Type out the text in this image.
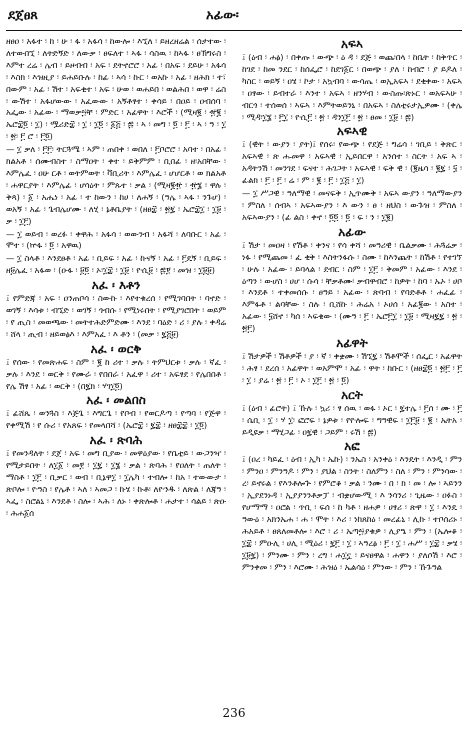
ደጀፀጸ	አፊው፡
ዘፀዐ ፡ አፋተ ፡ ከ ፡ ሁ ፡ ፋ ፡ አፋሳ ፡ ከውሎ ፡ እኚለ ፡ ይዘረዘሬል ፡ ሰታተው ፡ ለተውበኚ ፡ ለትድኝድ ፡ ለውቃ ፡ ፀፍለተ ፡ ኣፋ ፡ ሳስዉ ፡ ከኣፋ ፡ ፀኽግሩስ ፡ እምተ ረሬ ፡ ሌብ ፡ ይዞብብ ፡ አፍ ፡ ደትኖሮሮ ፡ አፊ ፡ በአፍ ፡ ደይሁ ፡ አፋሳ ፡ እስክ ፡ እዝዚያ ፡ ይሐይቡሉ ፡ ከፊ ፡ ኣሳ ፡ ኩር ፡ ወአኩ ፡ አፊ ፡ ዘሕክ ፡ ተ፣ በውም ፡ አፊ ፡ ሽተ ፡ አፍቂተ ፡ አፍ ፡ ሁወ ፡ ወሐይበ ፡ ወልሕበ ፡ ወዋ ፡ ሬስ ፡ ውሽተ ፡ አፋሆውው ፡ አፈውው ፡ አኝቶፃተ ፡ ቀሳይ ፡ በዐይ ፡ ዐብሰባ ፡ አፌው ፡ አፊው ፡ ማወቃ፵ቸ ፡ ምድር ፡ አፊዋት ፡ እሮች ፡ (ሚዛ፪ ፡ ፹፪ ፡ ኤሮ፰፬ ፡ ፲) ፡ ሟሪድ፰ ፡ ፲ ፡ ፲፬ ፡ ፩፭ ፡ ፷ ፡ ኣ ፡ መግ ፡ ፬ ፡ ፫ ፡ ኣ ፡ ዓ ፡ ፲ ፡ ፳፡ ፫ ሮ ፡ ፫፬)
— ፲ ቃለ ፡ ፫፫፡ ትርጓሜ ፡ ኣም ፡ ጠበቀ ፡ ወበለ ፡ ፫ቦሮሮ ፡ አባተ ፡ በአፊ ፡ ክልአቶ ፡ ሰሙብስተ ፡ ስማዐት ፡ ቀተ ፡ ይቅምም ፡ ቢበፊ ፡ ዘ፡አበቸው ፡ እምሌፈ ፡ ዐሁ ርቶ ፡ ወትምወት ፡ ቫቢሪት ፡ እምሌፈ ፡ ሆሆርቶ ፡ ወ ክልአቶ ፡ ሐዋርያት ፡ እምሌፊ ፡ ሆሳዕት ፡ ምጱተ ፡ ቃል ፡ (ሚዛ፪፹ ፡ ፹፮ ፡ ዋሉ ፡ ቅጳ) ፡ ፩ ፡ አሔነ ፡ አፊ ፡ ተ ከውን ፡ ከሀ ፡ ለሐኝ ፡ (ዓሌ ፡ ኣፋ ፡ ንጉሆ) ፡ ወአኝ ፡ አፊ ፡ ጌብሌሆሙ ፡ ለሂ ፡ ኔቶቤያት ፡ (ዘፀ፰ ፡ ፳፯ ፡ ኤሮ፰፲ ፡ ፲፱ ፡ ቃ ፡ ፲፫)
— ፲ ወይብ ፡ ወረፉ ፡ ቀዋሕ ፡ አፋሳ ፡ ወውንብ ፡ አፋሻ ፡ ለባቡር ፡ አፊ ፡ ሞተ ፡ (ኵፋ ፡ ፬ ፡ አዋዉ)
— ፲ ስላቶ ፡ እንደፀቶ ፡ አፊ ፡ ቢይፍ ፡ አፊ ፡ ኩናኝ ፡ አፊ ፡ ፫ዴኝ ፡ ቢይፍ ፡ ዘ፱ሌፈ ፡ አፋወ ፡ (ዑፋ ፡ ፱፬ ፡ ኦ፡፲፰ ፡ ፲፱ ፡ ዮሲ፱ ፡ ፷፻ ፡ መዝ ፡ ፲፱፱)
አፈ ፡ እቶን
፤ የምድጃ ፡ አፍ ፡ ዐንጠቦሳ ፡ ስውኩ ፡ እየተቁረሰ ፡ የሚገባበት ፡ ባኖድ ፡ ወገኝ ፡ እሳቱ ፡ ብኚድ ፡ ወገኝ ፡ ጎብሱ ፡ የሚነሩበት ፡ የሚያገሮበት ፡ ወይም ፡ የ ጢስ ፡ መወጫው ፡ መትተሕድምድሙ ፡ እንደ ፡ ባዕድ ፡ ሪ ፡ ያሉ ፡ ቀዳሬ ፡ ሸላ ፡ ጢብ ፡ ዘይወፅእ ፡ እምአፈ ፡ እ ቶን ፡ (መቃ ፡ ፯፭፱)
አፈ ፡ ወርቅ
፤ የሰው ፡ የመጽሐፍ ፡ ስም ፡ ፪ ከ ሪተ ፡ ቃሉ ፡ ትምህርቱ ፡ ቃሉ ፡ ኛፈ ፡ ቃሉ ፡ እንደ ፡ ወርቅ ፡ የሙራ ፡ የበበራ ፡ አፈዋ ፡ ሪተ ፡ አፍፃደ ፡ የሌበበቶ ፡ የሌ ሽፃ ፡ አፊ ፡ ወርቅ ፡ (በ፯ክ ፡ ሃገ፲፬)
አፈ ፡ መልበስ
፤ ፊሸጼ ፡ ወንጓስ ፡ እጅጌ ፡ እግርጌ ፡ የቦብ ፡ የወርዶጣ ፡ የጣባ ፡ የጅዋ ፡ የቀሚሽ ፡ የ ሱሪ ፡ የአጸፍ ፡ የመላበሻ ፡ (ኤሮ፰ ፡ ፯፰ ፡ ዘፀ፰፰ ፡ ፲፬)
አፈ ፡ ጽባሕ
፤ የመንዳለት ፡ ደጀ ፡ አፍ ፡ መግ ቢያው ፡ መዋዕያው ፡ የቤቲይ ፡ ውጋንዣ ፡ የሚታይበት ፡ ለ፲፩ ፡ መ፻ ፡ ፲፯ ፡ ፲፮ ፡ ቃል ፡ ጽባሕ ፡ የዐለት ፡ ጠለት ፡ ማስቶ ፡ ፲፫ ፡ ቢቃር ፡ ወብ ፡ ቢኔዋ፲ ፡ ፲ሌካ ፡ ተብሎ ፡ ከአ ፡ ተውውታ ፡ ጽቦሎ ፡ ዮዓስ ፡ የሌቶ ፡ ኣለ ፡ ኣመጋ ፡ ኩሄ ፡ ኩቶ፡ ለዮንዱ ፡ ለጽል ፡ ለጃዓ ፡ ኣፌ ፡ ስሮልኒ ፡ እንደቶ ፡ ስሎ ፡ ኣሕ ፡ ለኑ ፡ ቀጽሎቶ ፡ ሐታተ ፡ ሳልይ ፡ ጽዑ ፡ ሕሐ፩ሰ
አፍኣ
፤ (ዕብ ፡ ሐፅ) ፡ በቀጡ ፡ ውጭ ፡ ዕ ዳ ፡ ደጅ ፡ ወጨ፡በላ ፡ ከቤት ፡ ከቅጥር ፡ ከገደ ፡ ከመ ንደር ፡ ከሰፌሮ ፡ ከደገ፩ር ፡ በወጭ ፡ ያለ ፡ ከብሮ ፡ ያ ይዶለ ፡ ካስር ፡ ወይኝ ፡ ዐሄ ፡ ኮታ ፡ አኳብባ ፡ ውሳጤ ፡ ወኢአፍኣ ፡ ደቂቀው ፡ አፍኣ ፡ ዐፃው ፡ ይብተራ ፡ እንተ ፡ አፍኣ ፡ ዘንሃብ ፡ ውስጡ፡ጽኑር ፡ ወአፍኣሁ ፡ ብርጎ ፡ ተሰወሰ ፡ ኣፍኣ ፡ እምትወይንኒ ፡ በአፍኣ ፡ ስለቲሩታኢዎሙ ፡ (ቀሌ ፡ ሚዳ፡፲፮ ፡ ፫፲ ፡ ዮሲ፫ ፡ ፳ ፡ ዳን፲፫ ፡ ፳ ፡ ፀመ ፡ ፲፱ ፡ ፷)
አፍኣዊ
፤ (ዊት ፡ ውያን ፡ ያት)፤ የሰሩ፡ የውጭ ፡ የደጅ ፡ ግሬሳ ፡ ገቢይ ፡ ቅጽር ፡ አፍኣዊ ፡ ጽ ሑመዋ ፡ አፍኣዊ ፡ ኢይበርዋ ፡ አንሰተ ፡ ስርት ፡ አፍ ኣ ፡ አዳትንሽ ፡ መንገደ ፡ ፍናተ ፡ ሕገጋት ፡ አፍኣዊ ፡ ፍቅ ዊ ፡ (፪ዜሳ ፡ ፪፯ ፡ ፶ ፡ ፊልክ ፡ ፫ ፡ ፫ ፡ ሬ ፡ ም ፡ ፪ ፡ ፫ ፡ ፲፭ ፡ ፲)
— ፲ ሥጋዊ ፡ ዓለማዊ ፡ መናፍቅ ፡ ኢጥሙቅ ፡ አፍኣ ውያን ፡ ዓለማውያን ፡ ምስለ ፡ ሰብኣ ፡ አፍኣውያን ፡ እ ውን ፡ ፀ ፡ ዘህስ ፡ ውጉዝ ፡ ምስለ ፡ አፍኣውያን ፡ (ፊ ልስ ፡ ቀኖ ፡ ፬፬ ፡ ፬ ፡ ፍ ፡ ን ፡ ፲፪)
አፊው
፤ ሽታ ፡ መዐዛ ፡ የሽቶ ፡ ቀንና ፡ የሳ ቀሻ ፡ መዓሪዊ ፡ ቤልቃሙ ፡ ሕጓሬቃ ፡ ነፋ ፡ የሚጨመ ፡ ፈ ቂቅ ፡ እስትንፋሱ ፡ ስሙ ፡ ከእንጨት ፡ ከሽቶ ፡ የተገኘ ፡ ሁሉ ፡ አፊው ፡ ይባላል ፡ ደብር ፡ ስም ፡ ፲፫ ፡ ቅመም ፡ አፊው ፡ እንደ ፡ ዕጣን ፡ ውሆስ ፡ ሀሆ ፡ ሱሳ ፡ ቸቃቶሙ፡ ቃብዋብሮ ፡ ከዎት ፡ ከባ ፡ ኡኦ ፡ ሀቦ ፡ እንደቶ ፡ ተቀመሰሱ ፡ ፀዓይ ፡ አፊው ፡ ጽባብ ፡ የባድቶቶ ፡ ሐፈፊ ፡ እምፋቶ ፡ ልባቸው ፡ ስሉ ፡ ቢሸኩ ፡ ሕሬአ ፡ ኦሀሰ ፡ አፊ፪ው ፡ አስተ ፡ አፊው ፡ ፶ሸኖ ፡ ካሰ ፡ ኣፍቄው ፡ (ሙዓ ፡ ፫ ፡ ኤሮ፫፲ ፡ ፲፱ ፡ ሚዛ፯፯ ፡ ፳ ፡ ፳፫)
አፊዋት
፤ ሽታዎች ፡ ሽቶዎች ፡ ያ ፡ ኛ ፡ ቀቋሙ ፡ ሽኚ፯ ፡ ሽቶሞች ፡ ሰፌር ፡ አፊዋት ፡ ሕፃ ፡ ደረሰ ፡ አፊዋት ፡ ወአምሞ ፡ አፊ ፡ ዋት ፡ ከቡር ፡ (ዘፀ፰፬ ፡ ፳፫ ፡ ፫ ፡ ፲ ፡ ያሬ ፡ ፳ ፡ ፫ ፡ ኦ ፡ ፲፫ ፡ ፳ ፡ ፬)
አርት
፤ (ዕብ ፡ ፊሮት) ፤ ኹሉ ፡ ኳሪ ፡ ፃ ሰዉ ፡ ወፋ ፡ ኦር ፡ ፯ተሌ ፡ ፫ሰ ፡ ሙ ፡ ፫ ፡ ሴቢ ፡ ፲ ፡ ሃ ፲፡ ፎሮፍ ፡ ኔዎቱ ፡ የዮሎፍ ፡ ግዓዊፍ ፡ ፲፫፱ ፡ ፪ ፡ ኤትአ ፡ ይዲዩቃ ፡ ማሂጋፊ ፡ ዐ፯ዊ ፡ ጋይም ፡ ሩሽ ፡ ፷)
አፎ
፤ (ዐረ ፡ ካይፈ ፡ ዕብ ፡ ኢካ ፡ ኤኩ) ፡ ንኤስ ፡ አንቀዕ ፡ እንዴት ፡ እንዲ ፡ ምን ፡ ምንዐ ፡ ምንዓዶ ፡ ምን ፡ ያህል ፡ ስንት ፡ ስለምን ፡ ስለ ፡ ምን ፡ ምንሳው ፡ ረ፡ ይኖሩል ፡ የእንቶሎጕ ፡ የምሮቆ ፡ ቃል ፡ ንሙ ፡ በ ፡ ክ ፡ መ ፡ ሎ ፡ ኣይንን ፡ ኢያደንኑዳ ፡ ኢያያንንቶቃፓ ፡ ብቋሆውሚ ፡ እ ንሳንሪ ፡ ጊዜው ፡ ዐፉስ ፡ የሆማማ ፡ ዐሮል ፡ ጥቢ ፡ ፍሰ ፡ ከ ካቶ ፡ ዘሐዎ ፡ ሀፃሪ ፡ ጽዋ ፡ ፲ ፡ እንዴ ፡ ዓውዕ ፡ አክንኤሐ ፡ ሐ ፡ ሞት ፡ እሪ ፡ ነከጸከዕ ፡ መረፊኒ ፡ ሊኩ ፡ ተቦሰሪኑ ፡ ሕአይቶ ፡ ፀጸለመቶሎ ፡ እሮ ፡ ሪ ፡ ኤጣ፵ያቁዎ ፡ ሊያዔ ፡ ምን ፡ (ኤሎቆ ፡ ፲፰ ፡ ምዑሊ ፡ ሀሊ ፡ ሚዕሪ ፡ ፯፫ ፡ ፲ ፡ ኣዓረፅ ፡ ፫ ፡ ፲ ፡ ሐሥ ፡ ፲፰ ፡ ቃሄ ፡ ፲፱፯) ፡ ምንሙ ፡ ምን ፡ ረግ ፡ ሐ፲ኗ ፡ ይናፀዋል ፡ ሐዋን ፡ ያለሶሽ ፡ እሮ ፡ ምንቀመ ፡ ምን ፡ እሮሙ ፡ ሕዝዕ ፡ ኤልሳዕ ፡ ምንው ፡ ምን ፡ ኹጉዓል
236
